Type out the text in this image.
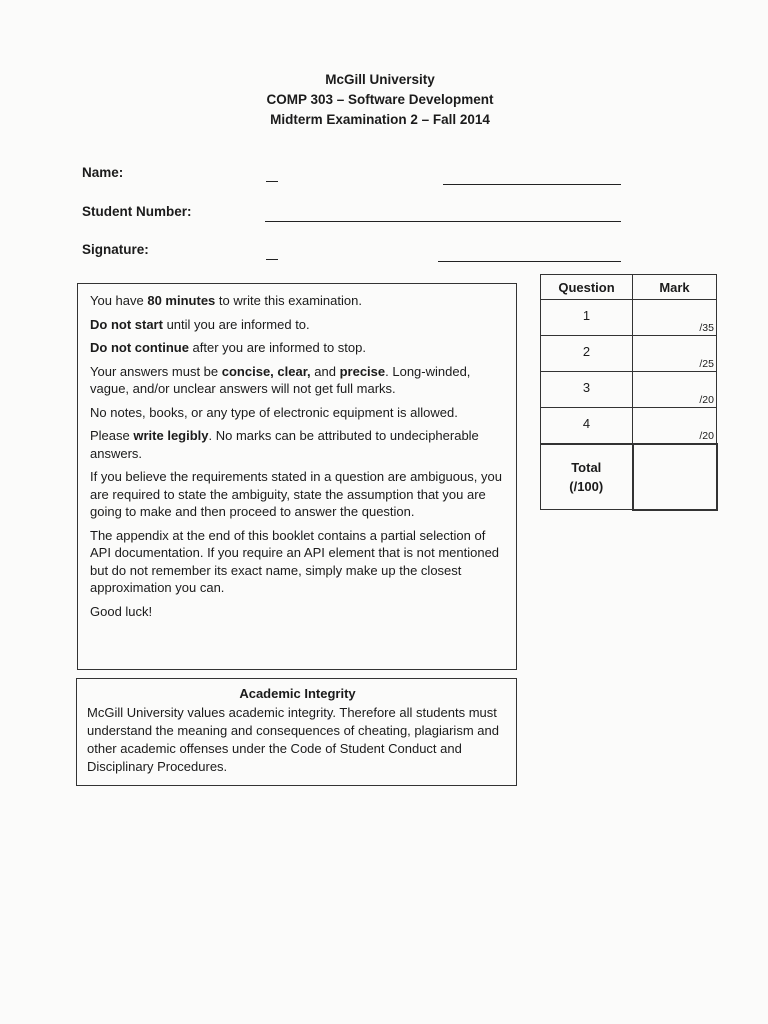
McGill University
COMP 303 – Software Development
Midterm Examination 2 – Fall 2014
Name:
Student Number:
Signature:

You have 80 minutes to write this examination.

Do not start until you are informed to.

Do not continue after you are informed to stop.

Your answers must be concise, clear, and precise. Long-winded, vague, and/or unclear answers will not get full marks.

No notes, books, or any type of electronic equipment is allowed.

Please write legibly. No marks can be attributed to undecipherable answers.

If you believe the requirements stated in a question are ambiguous, you are required to state the ambiguity, state the assumption that you are going to make and then proceed to answer the question.

The appendix at the end of this booklet contains a partial selection of API documentation. If you require an API element that is not mentioned but do not remember its exact name, simply make up the closest approximation you can.

Good luck!

Academic Integrity
McGill University values academic integrity. Therefore all students must understand the meaning and consequences of cheating, plagiarism and other academic offenses under the Code of Student Conduct and Disciplinary Procedures.
Question	Mark
1	/35

2	/25

3	/20

4	/20

Total
(/100)	
